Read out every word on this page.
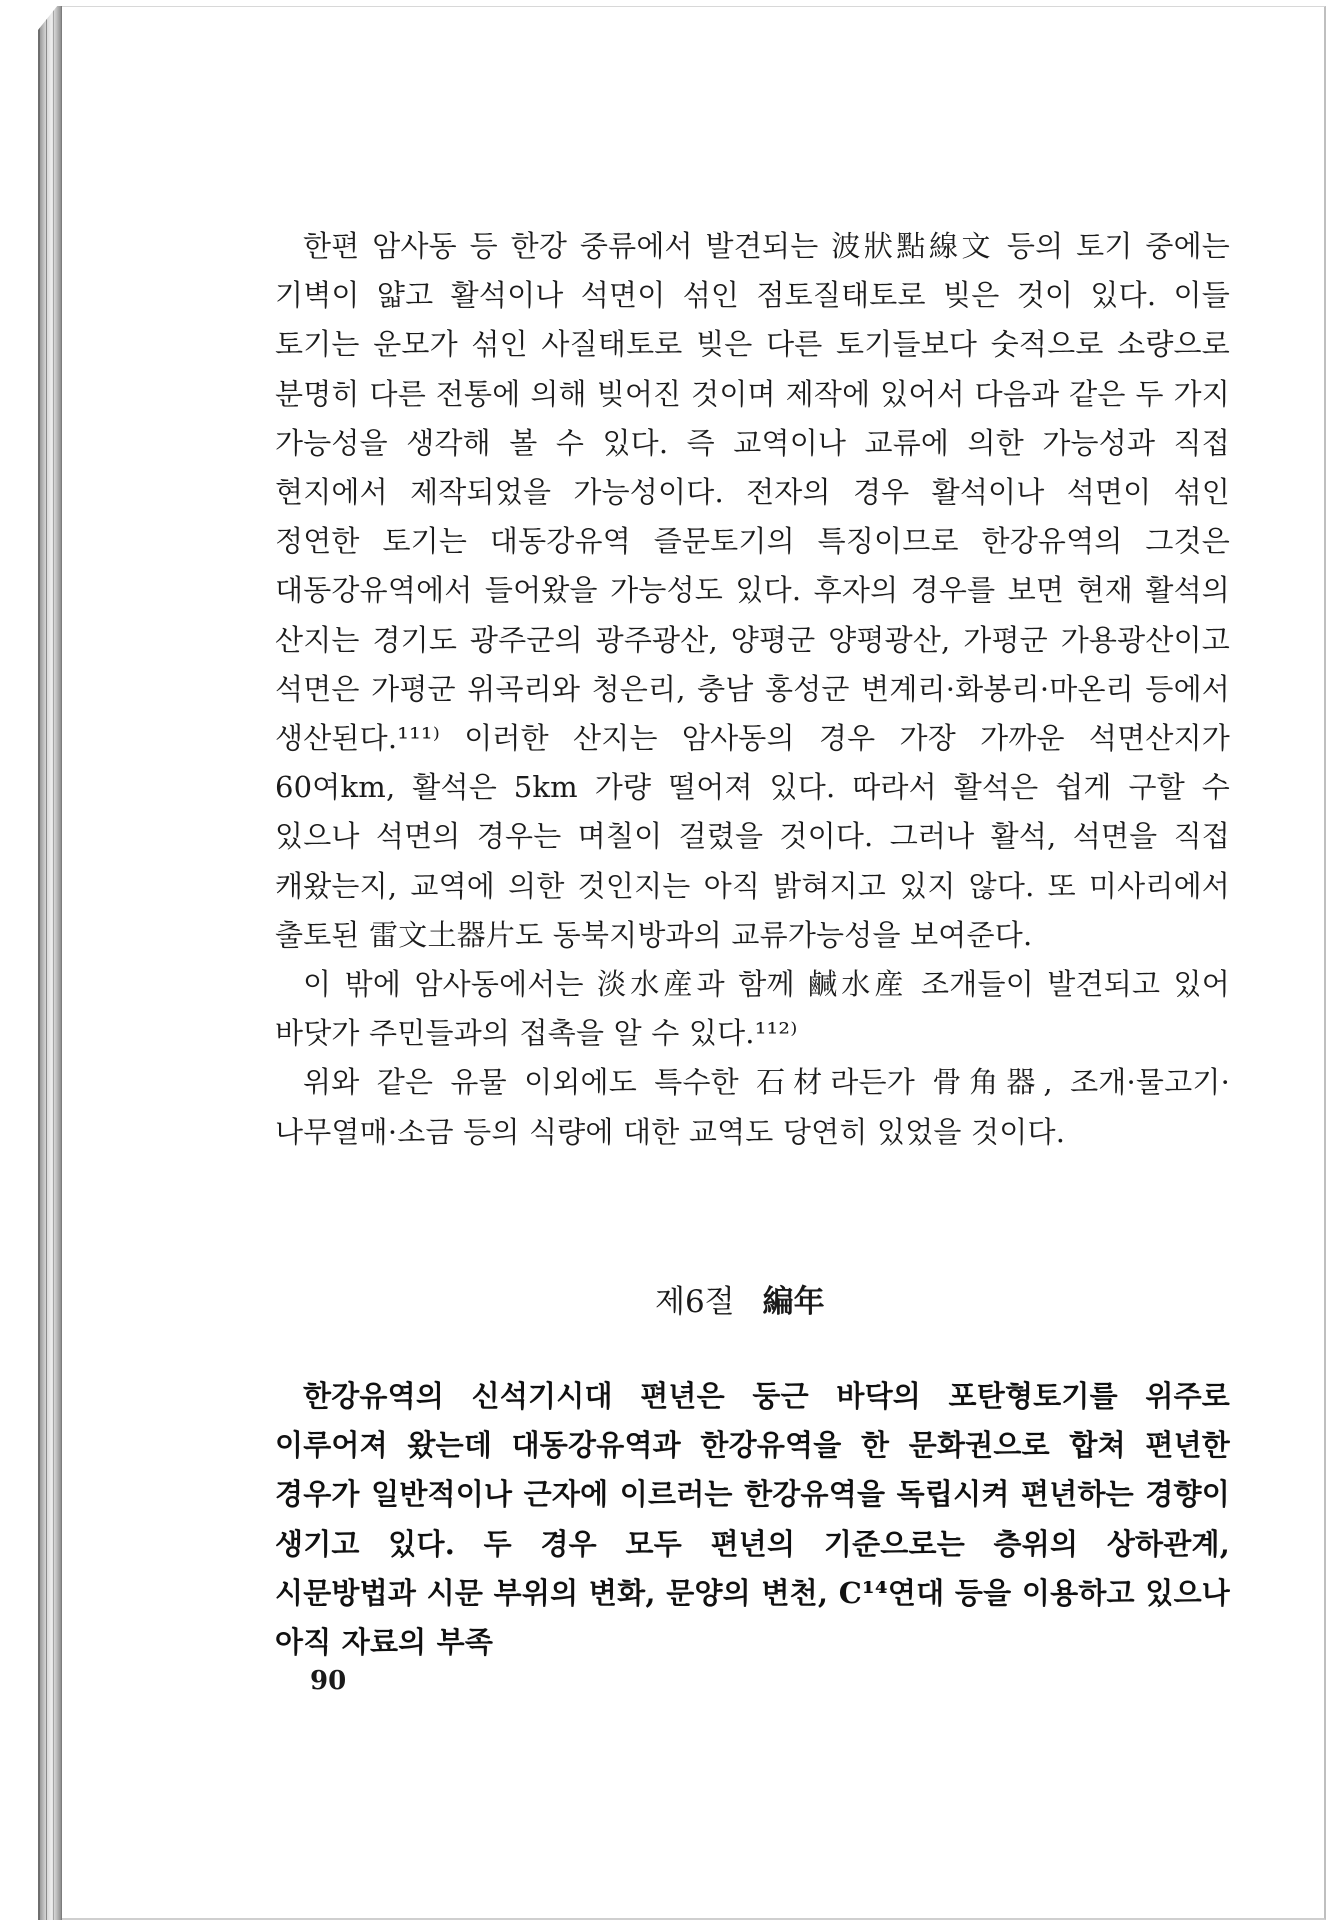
한편 암사동 등 한강 중류에서 발견되는 波狀點線文 등의 토기 중에는 기벽이 얇고 활석이나 석면이 섞인 점토질태토로 빚은 것이 있다. 이들 토기는 운모가 섞인 사질태토로 빚은 다른 토기들보다 숫적으로 소량으로 분명히 다른 전통에 의해 빚어진 것이며 제작에 있어서 다음과 같은 두 가지 가능성을 생각해 볼 수 있다. 즉 교역이나 교류에 의한 가능성과 직접 현지에서 제작되었을 가능성이다. 전자의 경우 활석이나 석면이 섞인 정연한 토기는 대동강유역 즐문토기의 특징이므로 한강유역의 그것은 대동강유역에서 들어왔을 가능성도 있다. 후자의 경우를 보면 현재 활석의 산지는 경기도 광주군의 광주광산, 양평군 양평광산, 가평군 가용광산이고 석면은 가평군 위곡리와 청은리, 충남 홍성군 변계리·화봉리·마온리 등에서 생산된다.¹¹¹⁾ 이러한 산지는 암사동의 경우 가장 가까운 석면산지가 60여km, 활석은 5km 가량 떨어져 있다. 따라서 활석은 쉽게 구할 수 있으나 석면의 경우는 며칠이 걸렸을 것이다. 그러나 활석, 석면을 직접 캐왔는지, 교역에 의한 것인지는 아직 밝혀지고 있지 않다. 또 미사리에서 출토된 雷文土器片도 동북지방과의 교류가능성을 보여준다.

이 밖에 암사동에서는 淡水産과 함께 鹹水産 조개들이 발견되고 있어 바닷가 주민들과의 접촉을 알 수 있다.¹¹²⁾

위와 같은 유물 이외에도 특수한 石材라든가 骨角器, 조개·물고기·나무열매·소금 등의 식량에 대한 교역도 당연히 있었을 것이다.

제6절 編年

한강유역의 신석기시대 편년은 둥근 바닥의 포탄형토기를 위주로 이루어져 왔는데 대동강유역과 한강유역을 한 문화권으로 합쳐 편년한 경우가 일반적이나 근자에 이르러는 한강유역을 독립시켜 편년하는 경향이 생기고 있다. 두 경우 모두 편년의 기준으로는 층위의 상하관계, 시문방법과 시문 부위의 변화, 문양의 변천, C¹⁴연대 등을 이용하고 있으나 아직 자료의 부족

90
